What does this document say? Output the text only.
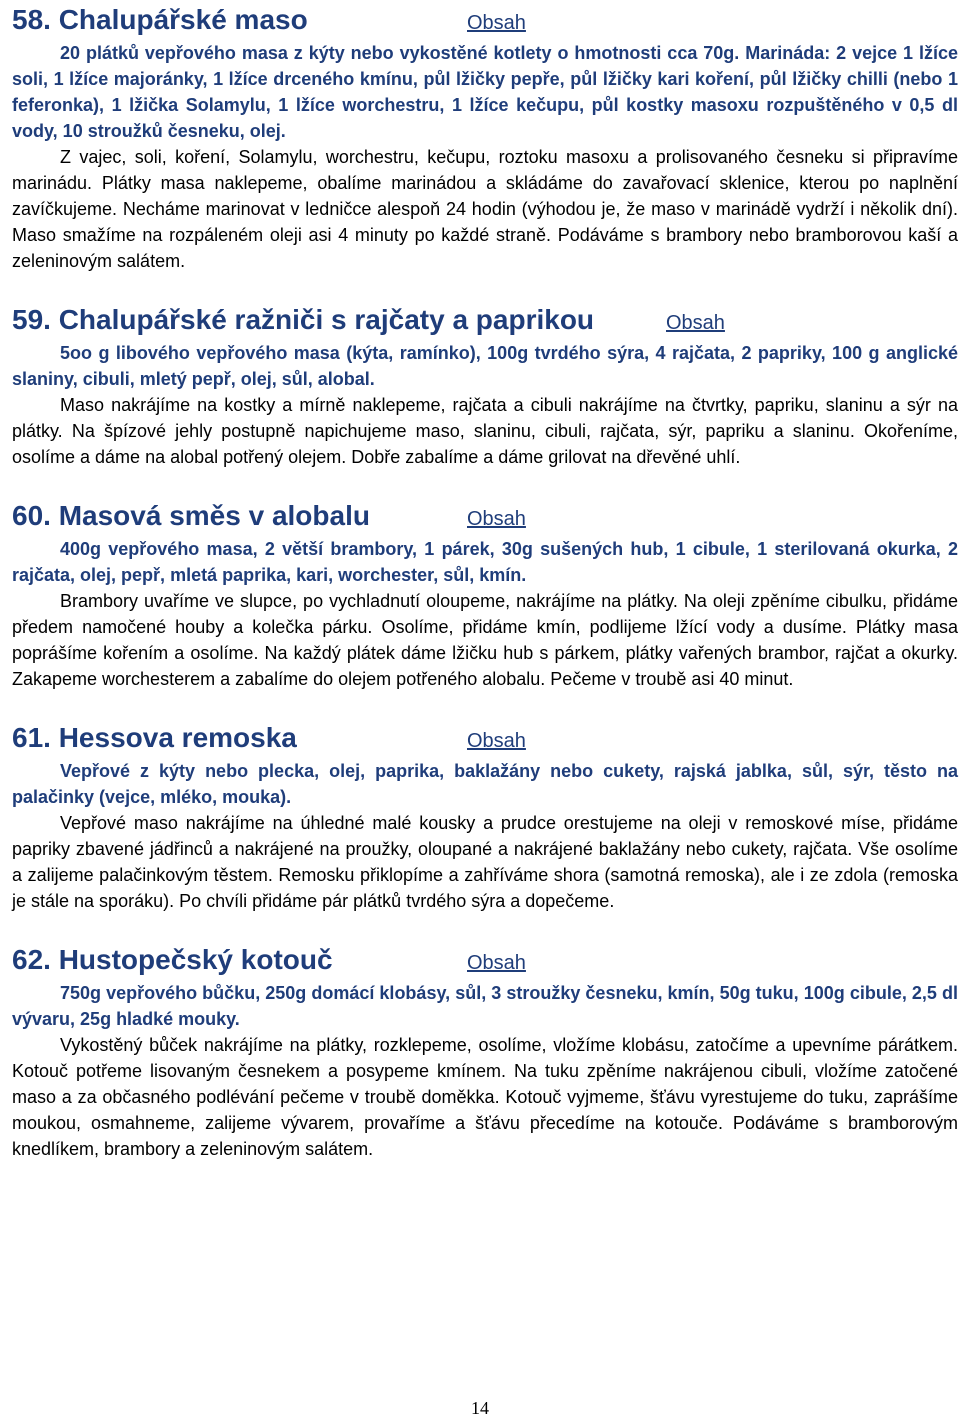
58. Chalupářské maso	Obsah

20 plátků vepřového masa z kýty nebo vykostěné kotlety o hmotnosti cca 70g. Marináda: 2 vejce 1 lžíce soli, 1 lžíce majoránky, 1 lžíce drceného kmínu, půl lžičky pepře, půl lžičky kari koření, půl lžičky chilli (nebo 1 feferonka), 1 lžička Solamylu, 1 lžíce worchestru, 1 lžíce kečupu, půl kostky masoxu rozpuštěného v 0,5 dl vody, 10 stroužků česneku, olej.

Z vajec, soli, koření, Solamylu, worchestru, kečupu, roztoku masoxu a prolisovaného česneku si připravíme marinádu. Plátky masa naklepeme, obalíme marinádou a skládáme do zavařovací sklenice, kterou po naplnění zavíčkujeme. Necháme marinovat v ledničce alespoň 24 hodin (výhodou je, že maso v marinádě vydrží i několik dní). Maso smažíme na rozpáleném oleji asi 4 minuty po každé straně. Podáváme s brambory nebo bramborovou kaší a zeleninovým salátem.

59. Chalupářské ražniči s rajčaty a paprikou	Obsah

5oo g libového vepřového masa (kýta, ramínko), 100g tvrdého sýra, 4 rajčata, 2 papriky, 100 g anglické slaniny, cibuli, mletý pepř, olej, sůl, alobal.

Maso nakrájíme na kostky a mírně naklepeme, rajčata a cibuli nakrájíme na čtvrtky, papriku, slaninu a sýr na plátky. Na špízové jehly postupně napichujeme maso, slaninu, cibuli, rajčata, sýr, papriku a slaninu. Okořeníme, osolíme a dáme na alobal potřený olejem. Dobře zabalíme a dáme grilovat na dřevěné uhlí.

60. Masová směs v alobalu	Obsah

400g vepřového masa, 2 větší brambory, 1 párek, 30g sušených hub, 1 cibule, 1 sterilovaná okurka, 2 rajčata, olej, pepř, mletá paprika, kari, worchester, sůl, kmín.

Brambory uvaříme ve slupce, po vychladnutí oloupeme, nakrájíme na plátky. Na oleji zpěníme cibulku, přidáme předem namočené houby a kolečka párku. Osolíme, přidáme kmín, podlijeme lžící vody a dusíme. Plátky masa poprášíme kořením a osolíme. Na každý plátek dáme lžičku hub s párkem, plátky vařených brambor, rajčat a okurky. Zakapeme worchesterem a zabalíme do olejem potřeného alobalu. Pečeme v troubě asi 40 minut.

61. Hessova remoska	Obsah

Vepřové z kýty nebo plecka, olej, paprika, baklažány nebo cukety, rajská jablka, sůl, sýr, těsto na palačinky (vejce, mléko, mouka).

Vepřové maso nakrájíme na úhledné malé kousky a prudce orestujeme na oleji v remoskové míse, přidáme papriky zbavené jádřinců a nakrájené na proužky, oloupané a nakrájené baklažány nebo cukety, rajčata. Vše osolíme a zalijeme palačinkovým těstem. Remosku přiklopíme a zahříváme shora (samotná remoska), ale i ze zdola (remoska je stále na sporáku). Po chvíli přidáme pár plátků tvrdého sýra a dopečeme.

62. Hustopečský kotouč	Obsah

750g vepřového bůčku, 250g domácí klobásy, sůl, 3 stroužky česneku, kmín, 50g tuku, 100g cibule, 2,5 dl vývaru, 25g hladké mouky.

Vykostěný bůček nakrájíme na plátky, rozklepeme, osolíme, vložíme klobásu, zatočíme a upevníme párátkem. Kotouč potřeme lisovaným česnekem a posypeme kmínem. Na tuku zpěníme nakrájenou cibuli, vložíme zatočené maso a za občasného podlévání pečeme v troubě doměkka. Kotouč vyjmeme, šťávu vyrestujeme do tuku, zaprášíme moukou, osmahneme, zalijeme vývarem, provaříme a šťávu přecedíme na kotouče. Podáváme s bramborovým knedlíkem, brambory a zeleninovým salátem.

14
